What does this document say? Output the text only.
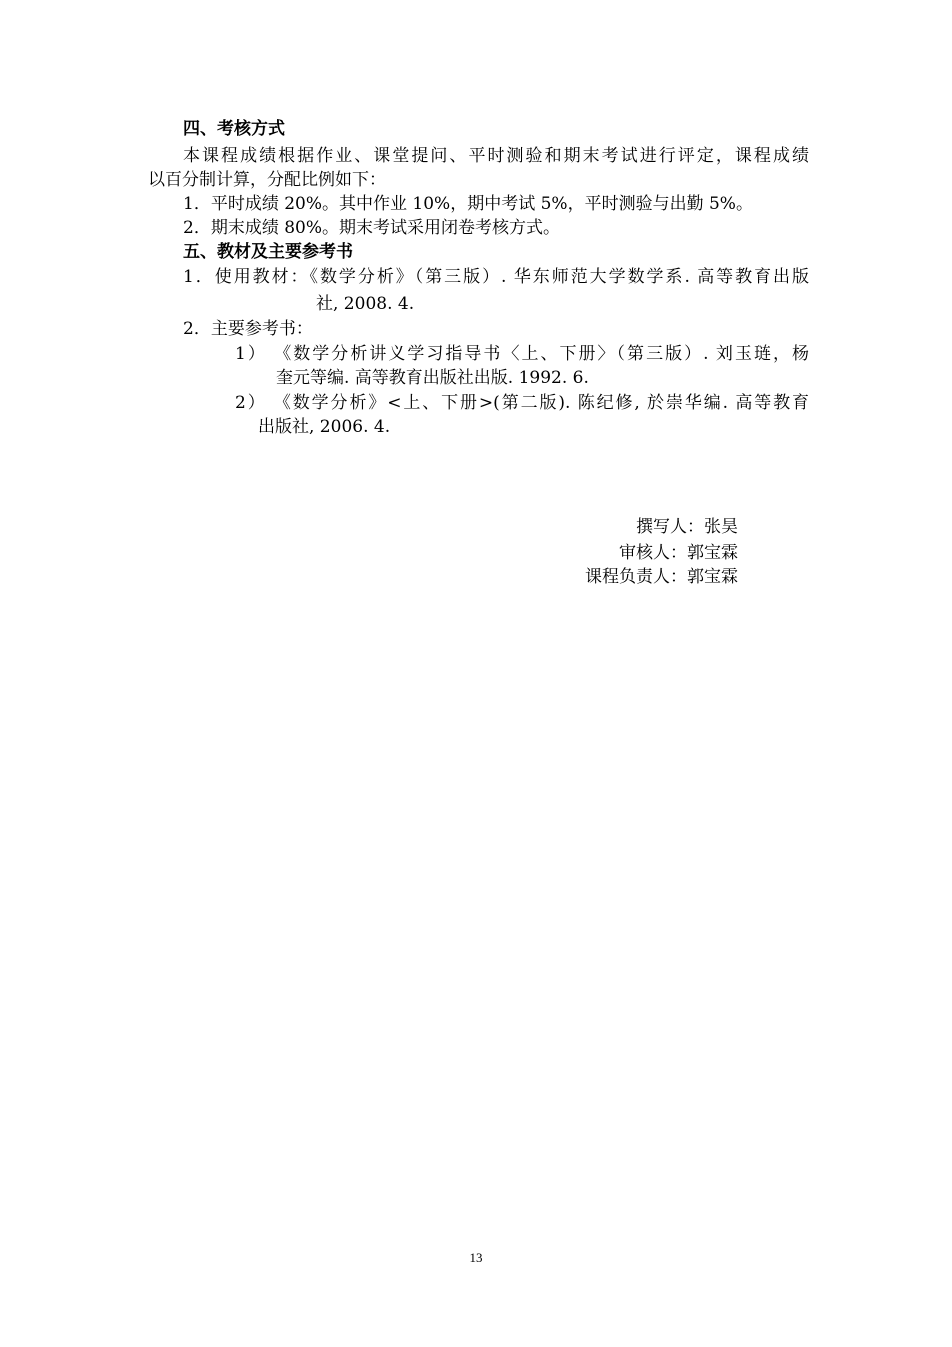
四、考核方式
本课程成绩根据作业、课堂提问、平时测验和期末考试进行评定，课程成绩
以百分制计算，分配比例如下：
1．平时成绩 20%。其中作业 10%，期中考试 5%，平时测验与出勤 5%。
2．期末成绩 80%。期末考试采用闭卷考核方式。
五、教材及主要参考书
1．使用教材：《数学分析》（第三版）. 华东师范大学数学系. 高等教育出版
社, 2008. 4.
2．主要参考书：
1） 《数学分析讲义学习指导书〈上、下册〉（第三版）. 刘玉琏，杨
奎元等编. 高等教育出版社出版. 1992. 6.
2） 《数学分析》<上、下册>(第二版). 陈纪修, 於崇华编. 高等教育
出版社, 2006. 4.
撰写人：张昊
审核人：郭宝霖
课程负责人：郭宝霖
13
